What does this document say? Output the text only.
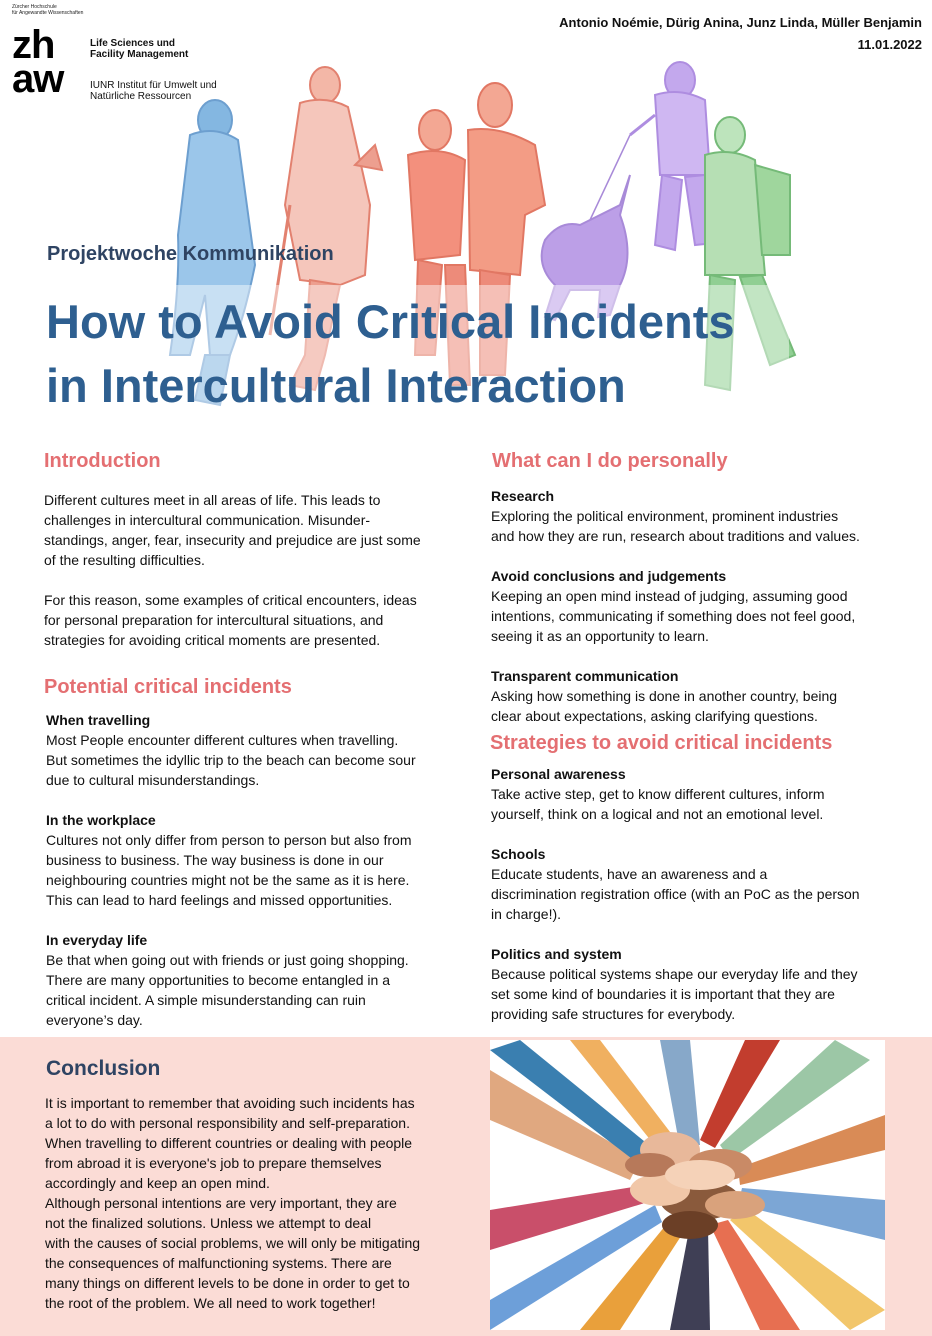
Zürcher Hochschule
für Angewandte Wissenschaften
zh
aw
Life Sciences und
Facility Management
IUNR Institut für Umwelt und
Natürliche Ressourcen
Antonio Noémie, Dürig Anina, Junz Linda, Müller Benjamin
11.01.2022
Projektwoche Kommunikation
How to Avoid Critical Incidents
in Intercultural Interaction
Introduction
Different cultures meet in all areas of life. This leads to
challenges in intercultural communication. Misunder-
standings, anger, fear, insecurity and prejudice are just some
of the resulting difficulties.
For this reason, some examples of critical encounters, ideas
for personal preparation for intercultural situations, and
strategies for avoiding critical moments are presented.
Potential critical incidents
When travelling
Most People encounter different cultures when travelling.
But sometimes the idyllic trip to the beach can become sour
due to cultural misunderstandings.
In the workplace
Cultures not only differ from person to person but also from
business to business. The way business is done in our
neighbouring countries might not be the same as it is here.
This can lead to hard feelings and missed opportunities.
In everyday life
Be that when going out with friends or just going shopping.
There are many opportunities to become entangled in a
critical incident. A simple misunderstanding can ruin
everyone’s day.
What can I do personally
Research
Exploring the political environment, prominent industries
and how they are run, research about traditions and values.
Avoid conclusions and judgements
Keeping an open mind instead of judging, assuming good
intentions, communicating if something does not feel good,
seeing it as an opportunity to learn.
Transparent communication
Asking how something is done in another country, being
clear about expectations, asking clarifying questions.
Strategies to avoid critical incidents
Personal awareness
Take active step, get to know different cultures, inform
yourself, think on a logical and not an emotional level.
Schools
Educate students, have an awareness and a
discrimination registration office (with an PoC as the person
in charge!).
Politics and system
Because political systems shape our everyday life and they
set some kind of boundaries it is important that they are
providing safe structures for everybody.
Conclusion
It is important to remember that avoiding such incidents has
a lot to do with personal responsibility and self-preparation.
When travelling to different countries or dealing with people
from abroad it is everyone's job to prepare themselves
accordingly and keep an open mind.
Although personal intentions are very important, they are
not the finalized solutions. Unless we attempt to deal
with the causes of social problems, we will only be mitigating
the consequences of malfunctioning systems. There are
many things on different levels to be done in order to get to
the root of the problem. We all need to work together!
